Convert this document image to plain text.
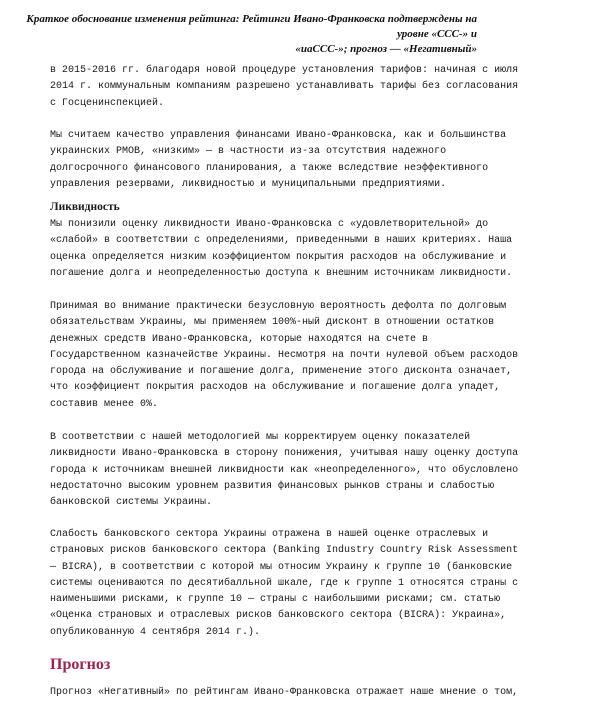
Краткое обоснование изменения рейтинга: Рейтинги Ивано-Франковска подтверждены на уровне «ССС-» и
«uaCCC-»; прогноз — «Негативный»
в 2015-2016 гг. благодаря новой процедуре установления тарифов: начиная с июля
2014 г. коммунальным компаниям разрешено устанавливать тарифы без согласования
с Госценинспекцией.
Мы считаем качество управления финансами Ивано-Франковска, как и большинства
украинских РМОВ, «низким» — в частности из-за отсутствия надежного
долгосрочного финансового планирования, а также вследствие неэффективного
управления резервами, ликвидностью и муниципальными предприятиями.
Ликвидность
Мы понизили оценку ликвидности Ивано-Франковска с «удовлетворительной» до
«слабой» в соответствии с определениями, приведенными в наших критериях. Наша
оценка определяется низким коэффициентом покрытия расходов на обслуживание и
погашение долга и неопределенностью доступа к внешним источникам ликвидности.
Принимая во внимание практически безусловную вероятность дефолта по долговым
обязательствам Украины, мы применяем 100%-ный дисконт в отношении остатков
денежных средств Ивано-Франковска, которые находятся на счете в
Государственном казначействе Украины. Несмотря на почти нулевой объем расходов
города на обслуживание и погашение долга, применение этого дисконта означает,
что коэффициент покрытия расходов на обслуживание и погашение долга упадет,
составив менее 0%.
В соответствии с нашей методологией мы корректируем оценку показателей
ликвидности Ивано-Франковска в сторону понижения, учитывая нашу оценку доступа
города к источникам внешней ликвидности как «неопределенного», что обусловлено
недостаточно высоким уровнем развития финансовых рынков страны и слабостью
банковской системы Украины.
Слабость банковского сектора Украины отражена в нашей оценке отраслевых и
страновых рисков банковского сектора (Banking Industry Country Risk Assessment
— BICRA), в соответствии с которой мы относим Украину к группе 10 (банковские
системы оцениваются по десятибалльной шкале, где к группе 1 относятся страны с
наименьшими рисками, к группе 10 — страны с наибольшими рисками; см. статью
«Оценка страновых и отраслевых рисков банковского сектора (BICRA): Украина»,
опубликованную 4 сентября 2014 г.).
Прогноз
Прогноз «Негативный» по рейтингам Ивано-Франковска отражает наше мнение о том,
